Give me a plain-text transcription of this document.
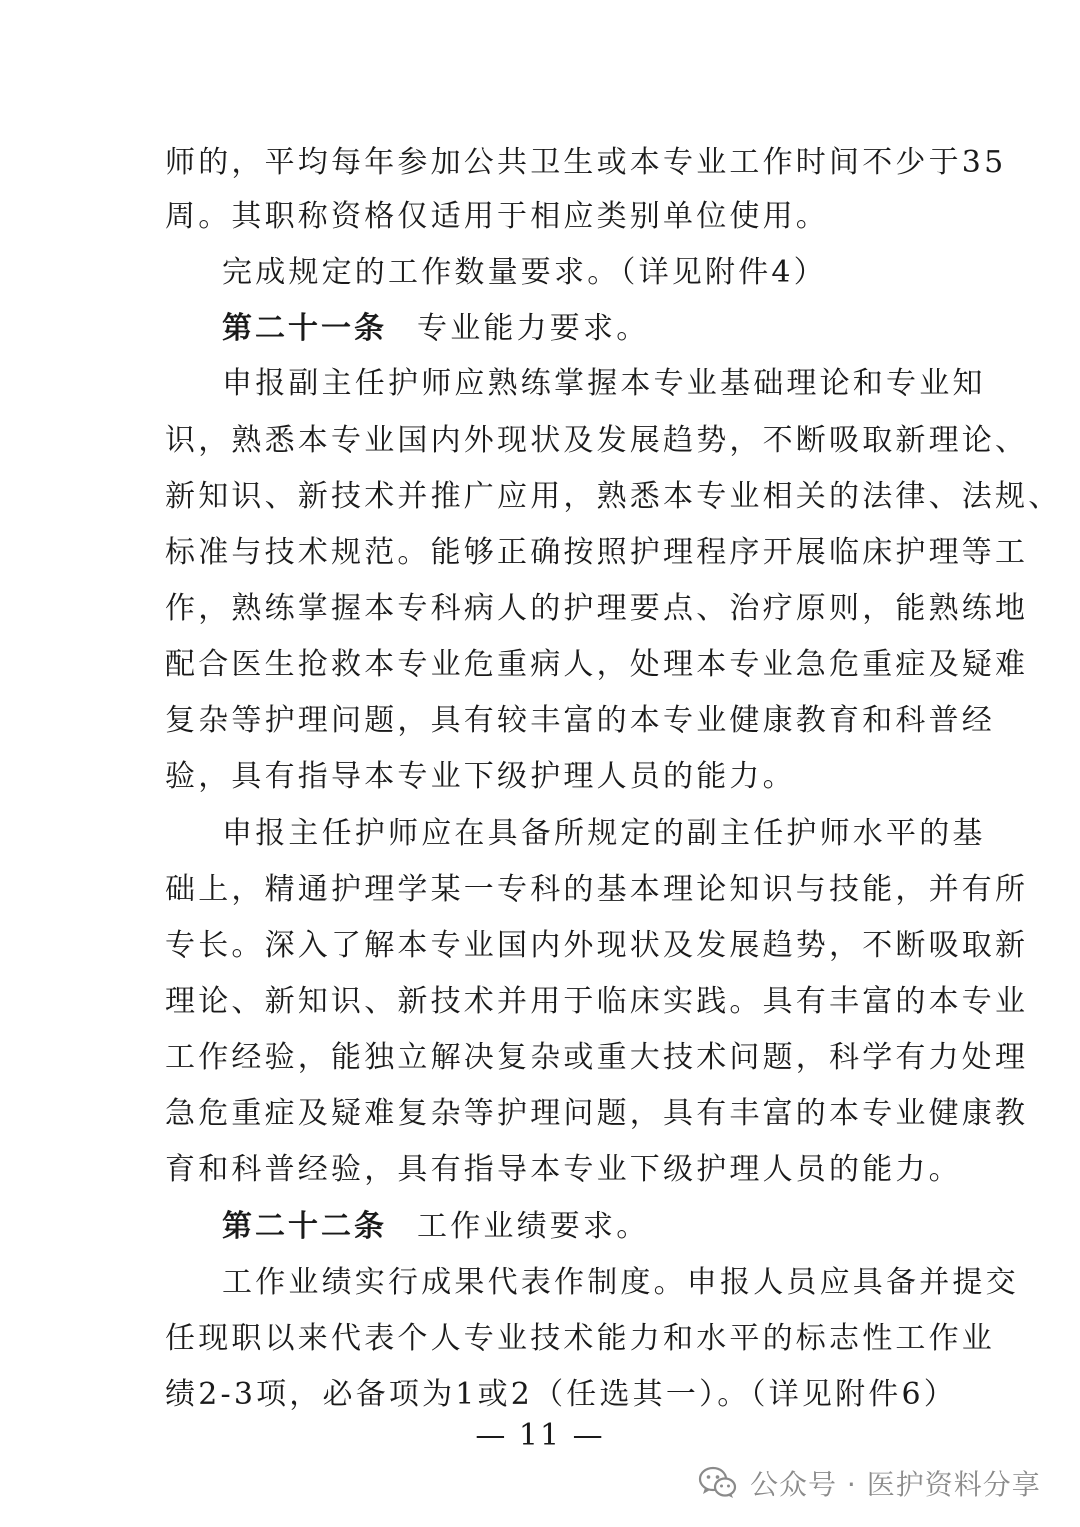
师的，平均每年参加公共卫生或本专业工作时间不少于35
周。其职称资格仅适用于相应类别单位使用。
完成规定的工作数量要求。（详见附件4）
第二十一条 专业能力要求。
申报副主任护师应熟练掌握本专业基础理论和专业知
识，熟悉本专业国内外现状及发展趋势，不断吸取新理论、
新知识、新技术并推广应用，熟悉本专业相关的法律、法规、
标准与技术规范。能够正确按照护理程序开展临床护理等工
作，熟练掌握本专科病人的护理要点、治疗原则，能熟练地
配合医生抢救本专业危重病人，处理本专业急危重症及疑难
复杂等护理问题，具有较丰富的本专业健康教育和科普经
验，具有指导本专业下级护理人员的能力。
申报主任护师应在具备所规定的副主任护师水平的基
础上，精通护理学某一专科的基本理论知识与技能，并有所
专长。深入了解本专业国内外现状及发展趋势，不断吸取新
理论、新知识、新技术并用于临床实践。具有丰富的本专业
工作经验，能独立解决复杂或重大技术问题，科学有力处理
急危重症及疑难复杂等护理问题，具有丰富的本专业健康教
育和科普经验，具有指导本专业下级护理人员的能力。
第二十二条 工作业绩要求。
工作业绩实行成果代表作制度。申报人员应具备并提交
任现职以来代表个人专业技术能力和水平的标志性工作业
绩2-3项，必备项为1或2（任选其一）。（详见附件6）
— 11 —
公众号 · 医护资料分享
